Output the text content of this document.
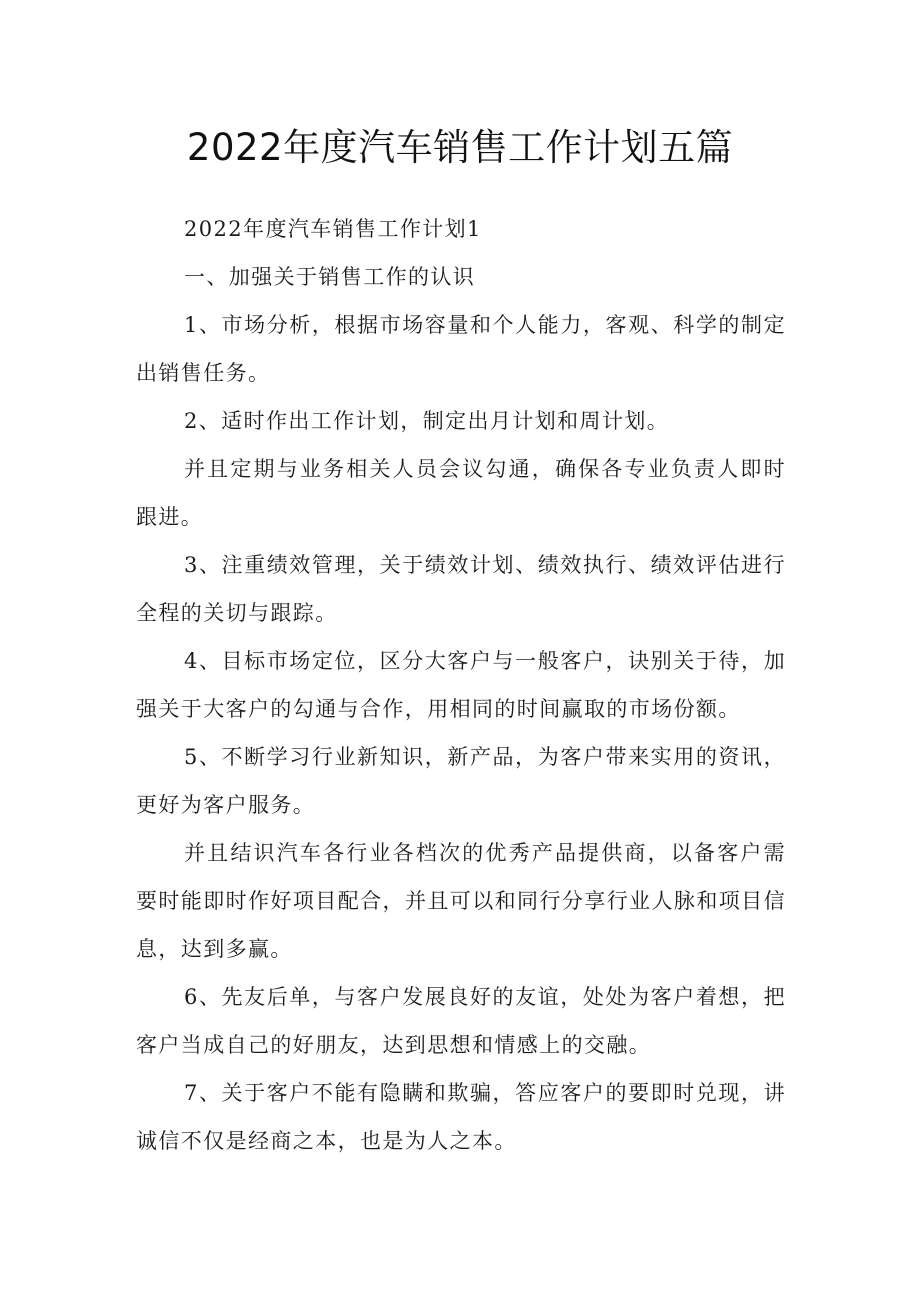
2022年度汽车销售工作计划五篇

2022年度汽车销售工作计划1

一、加强关于销售工作的认识

1、市场分析，根据市场容量和个人能力，客观、科学的制定出销售任务。

2、适时作出工作计划，制定出月计划和周计划。

并且定期与业务相关人员会议勾通，确保各专业负责人即时跟进。

3、注重绩效管理，关于绩效计划、绩效执行、绩效评估进行全程的关切与跟踪。

4、目标市场定位，区分大客户与一般客户，诀别关于待，加强关于大客户的勾通与合作，用相同的时间赢取的市场份额。

5、不断学习行业新知识，新产品，为客户带来实用的资讯，更好为客户服务。

并且结识汽车各行业各档次的优秀产品提供商，以备客户需要时能即时作好项目配合，并且可以和同行分享行业人脉和项目信息，达到多赢。

6、先友后单，与客户发展良好的友谊，处处为客户着想，把客户当成自己的好朋友，达到思想和情感上的交融。

7、关于客户不能有隐瞒和欺骗，答应客户的要即时兑现，讲诚信不仅是经商之本，也是为人之本。
